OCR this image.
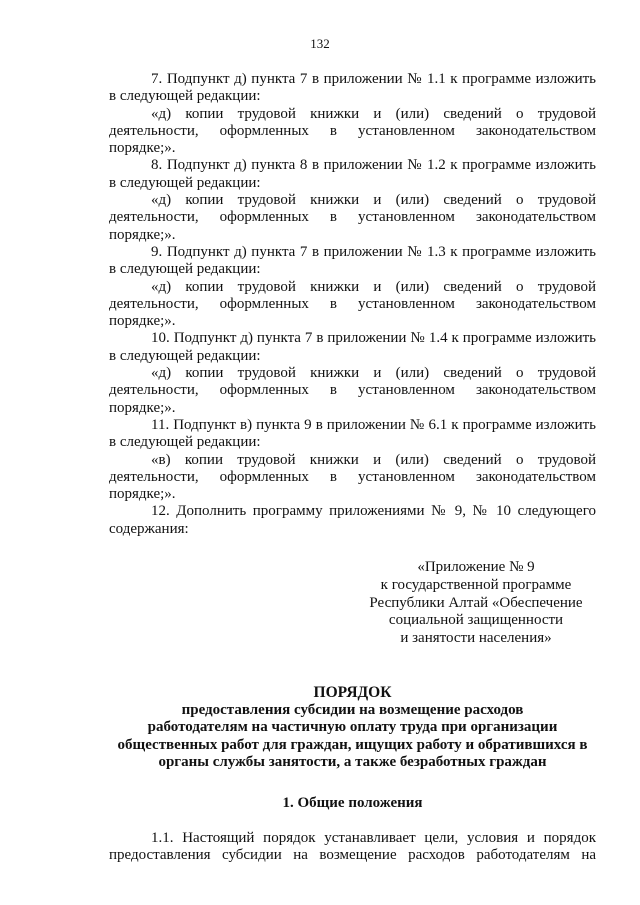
132

7. Подпункт д) пункта 7 в приложении № 1.1 к программе изложить в следующей редакции:

«д) копии трудовой книжки и (или) сведений о трудовой деятельности, оформленных в установленном законодательством порядке;».

8. Подпункт д) пункта 8 в приложении № 1.2 к программе изложить в следующей редакции:

«д) копии трудовой книжки и (или) сведений о трудовой деятельности, оформленных в установленном законодательством порядке;».

9. Подпункт д) пункта 7 в приложении № 1.3 к программе изложить в следующей редакции:

«д) копии трудовой книжки и (или) сведений о трудовой деятельности, оформленных в установленном законодательством порядке;».

10. Подпункт д) пункта 7 в приложении № 1.4 к программе изложить в следующей редакции:

«д) копии трудовой книжки и (или) сведений о трудовой деятельности, оформленных в установленном законодательством порядке;».

11. Подпункт в) пункта 9 в приложении № 6.1 к программе изложить в следующей редакции:

«в) копии трудовой книжки и (или) сведений о трудовой деятельности, оформленных в установленном законодательством порядке;».

12. Дополнить программу приложениями № 9, № 10 следующего содержания:

«Приложение № 9
к государственной программе
Республики Алтай «Обеспечение
социальной защищенности
и занятости населения»
ПОРЯДОК
предоставления субсидии на возмещение расходов
работодателям на частичную оплату труда при организации
общественных работ для граждан, ищущих работу и обратившихся в
органы службы занятости, а также безработных граждан
1. Общие положения

1.1. Настоящий порядок устанавливает цели, условия и порядок предоставления субсидии на возмещение расходов работодателям на
